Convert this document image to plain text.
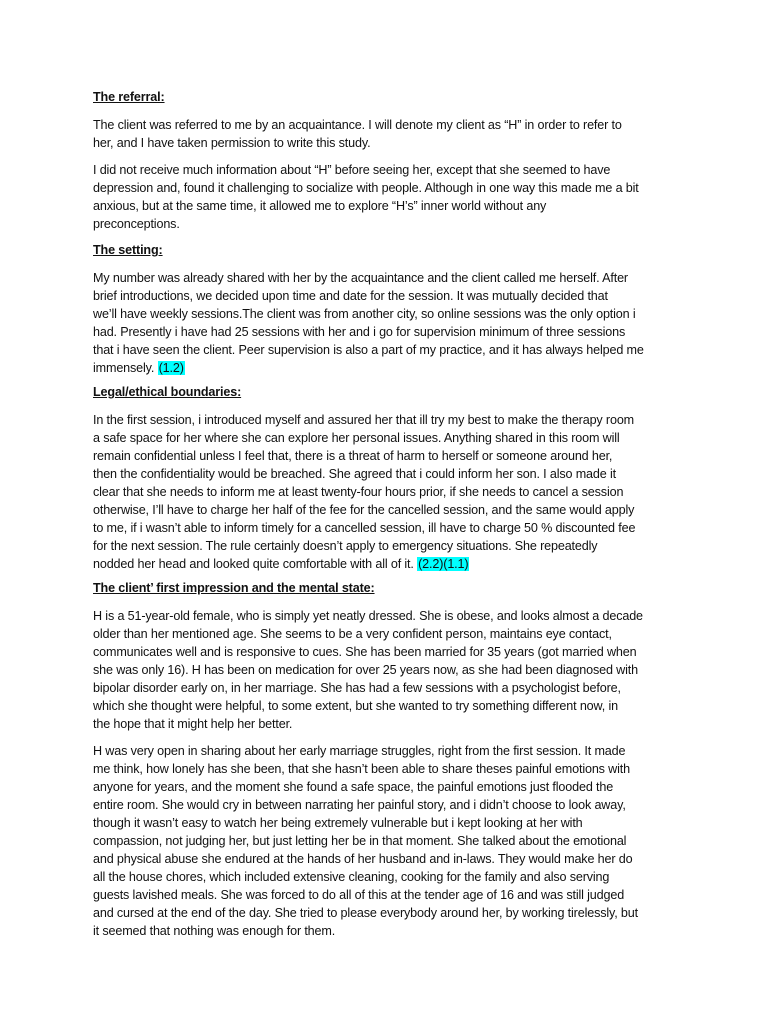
The referral:
The client was referred to me by an acquaintance. I will denote my client as “H” in order to refer to
her, and I have taken permission to write this study.
I did not receive much information about “H” before seeing her, except that she seemed to have
depression and, found it challenging to socialize with people. Although in one way this made me a bit
anxious, but at the same time, it allowed me to explore “H’s” inner world without any
preconceptions.
The setting:
My number was already shared with her by the acquaintance and the client called me herself. After
brief introductions, we decided upon time and date for the session. It was mutually decided that
we’ll have weekly sessions.The client was from another city, so online sessions was the only option i
had. Presently i have had 25 sessions with her and i go for supervision minimum of three sessions
that i have seen the client. Peer supervision is also a part of my practice, and it has always helped me
immensely. (1.2)
Legal/ethical boundaries:
In the first session, i introduced myself and assured her that ill try my best to make the therapy room
a safe space for her where she can explore her personal issues. Anything shared in this room will
remain confidential unless I feel that, there is a threat of harm to herself or someone around her,
then the confidentiality would be breached. She agreed that i could inform her son. I also made it
clear that she needs to inform me at least twenty-four hours prior, if she needs to cancel a session
otherwise, I’ll have to charge her half of the fee for the cancelled session, and the same would apply
to me, if i wasn’t able to inform timely for a cancelled session, ill have to charge 50 % discounted fee
for the next session. The rule certainly doesn’t apply to emergency situations. She repeatedly
nodded her head and looked quite comfortable with all of it. (2.2)(1.1)
The client’ first impression and the mental state:
H is a 51-year-old female, who is simply yet neatly dressed. She is obese, and looks almost a decade
older than her mentioned age. She seems to be a very confident person, maintains eye contact,
communicates well and is responsive to cues. She has been married for 35 years (got married when
she was only 16). H has been on medication for over 25 years now, as she had been diagnosed with
bipolar disorder early on, in her marriage. She has had a few sessions with a psychologist before,
which she thought were helpful, to some extent, but she wanted to try something different now, in
the hope that it might help her better.
H was very open in sharing about her early marriage struggles, right from the first session. It made
me think, how lonely has she been, that she hasn’t been able to share theses painful emotions with
anyone for years, and the moment she found a safe space, the painful emotions just flooded the
entire room. She would cry in between narrating her painful story, and i didn’t choose to look away,
though it wasn’t easy to watch her being extremely vulnerable but i kept looking at her with
compassion, not judging her, but just letting her be in that moment. She talked about the emotional
and physical abuse she endured at the hands of her husband and in-laws. They would make her do
all the house chores, which included extensive cleaning, cooking for the family and also serving
guests lavished meals. She was forced to do all of this at the tender age of 16 and was still judged
and cursed at the end of the day. She tried to please everybody around her, by working tirelessly, but
it seemed that nothing was enough for them.
